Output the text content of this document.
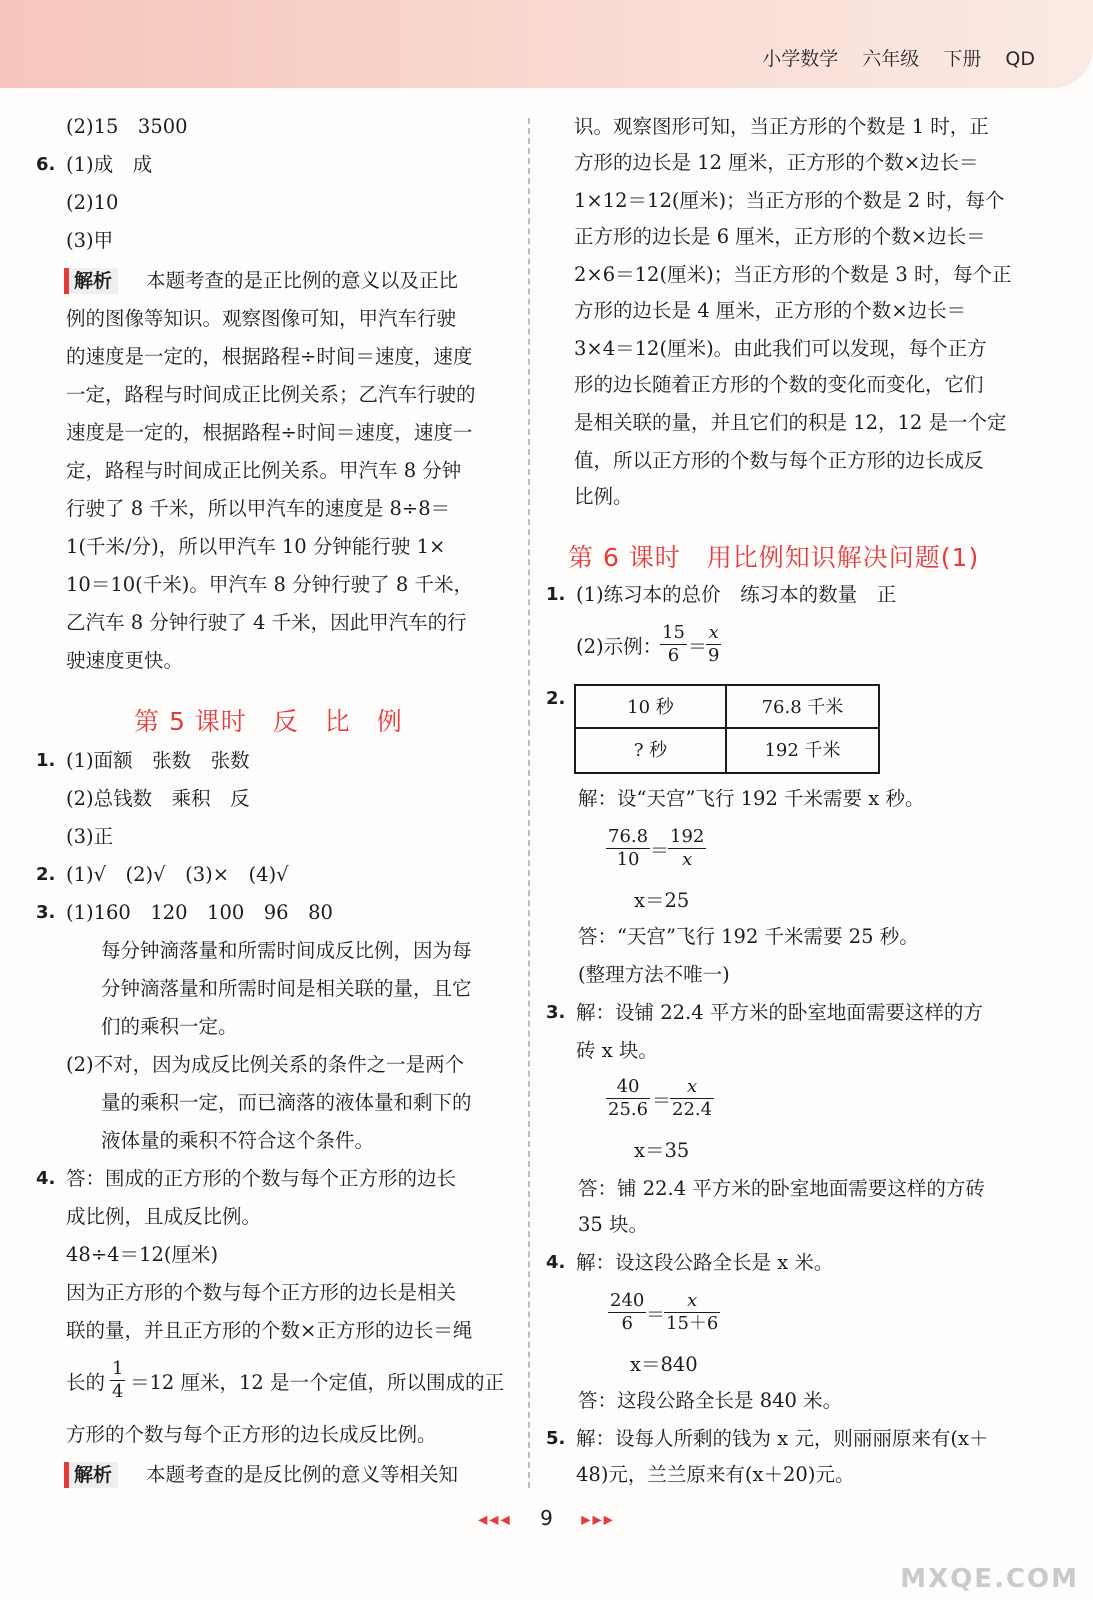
小学数学 六年级 下册 QD
(2)15　3500
6. (1)成　成
(2)10
(3)甲
解析	本题考查的是正比例的意义以及正比
例的图像等知识。观察图像可知，甲汽车行驶
的速度是一定的，根据路程÷时间＝速度，速度
一定，路程与时间成正比例关系；乙汽车行驶的
速度是一定的，根据路程÷时间＝速度，速度一
定，路程与时间成正比例关系。甲汽车 8 分钟
行驶了 8 千米，所以甲汽车的速度是 8÷8＝
1(千米/分)，所以甲汽车 10 分钟能行驶 1×
10＝10(千米)。甲汽车 8 分钟行驶了 8 千米，
乙汽车 8 分钟行驶了 4 千米，因此甲汽车的行
驶速度更快。
第 5 课时　反　比　例
1. (1)面额　张数　张数
(2)总钱数　乘积　反
(3)正
2. (1)√　(2)√　(3)×　(4)√
3. (1)160　120　100　96　80
每分钟滴落量和所需时间成反比例，因为每
分钟滴落量和所需时间是相关联的量，且它
们的乘积一定。
(2)不对，因为成反比例关系的条件之一是两个
量的乘积一定，而已滴落的液体量和剩下的
液体量的乘积不符合这个条件。
4. 答：围成的正方形的个数与每个正方形的边长
成比例，且成反比例。
48÷4＝12(厘米)
因为正方形的个数与每个正方形的边长是相关
联的量，并且正方形的个数×正方形的边长＝绳
长的 $\frac{1}{4} =12$ 厘米，12 是一个定值，所以围成的正
方形的个数与每个正方形的边长成反比例。
解析	本题考查的是反比例的意义等相关知
识。观察图形可知，当正方形的个数是 1 时，正
方形的边长是 12 厘米，正方形的个数×边长＝
1×12＝12(厘米)；当正方形的个数是 2 时，每个
正方形的边长是 6 厘米，正方形的个数×边长＝
2×6＝12(厘米)；当正方形的个数是 3 时，每个正
方形的边长是 4 厘米，正方形的个数×边长＝
3×4＝12(厘米)。由此我们可以发现，每个正方
形的边长随着正方形的个数的变化而变化，它们
是相关联的量，并且它们的积是 12，12 是一个定
值，所以正方形的个数与每个正方形的边长成反
比例。
第 6 课时　用比例知识解决问题(1)
1. (1)练习本的总价　练习本的数量　正
(2)示例：
$\frac{15}{6}$ ＝
$\frac{x}{9}$
2.	10 秒	76.8 千米
? 秒	192 千米
解：设“天宫”飞行 192 千米需要 x 秒。
$\frac{76.8}{10}$ ＝
$\frac{192}{x}$
x＝25
答：“天宫”飞行 192 千米需要 25 秒。
(整理方法不唯一)
3. 解：设铺 22.4 平方米的卧室地面需要这样的方
砖 x 块。
$\frac{40}{25.6}$ ＝
$\frac{x}{22.4}$
x＝35
答：铺 22.4 平方米的卧室地面需要这样的方砖
35 块。
4. 解：设这段公路全长是 x 米。
$\frac{240}{6}$ ＝
$\frac{x}{15+6}$
x＝840
答：这段公路全长是 840 米。
5. 解：设每人所剩的钱为 x 元，则丽丽原来有(x＋
48)元，兰兰原来有(x＋20)元。
◀◀◀ 9 ▶▶▶
MXQE.COM
